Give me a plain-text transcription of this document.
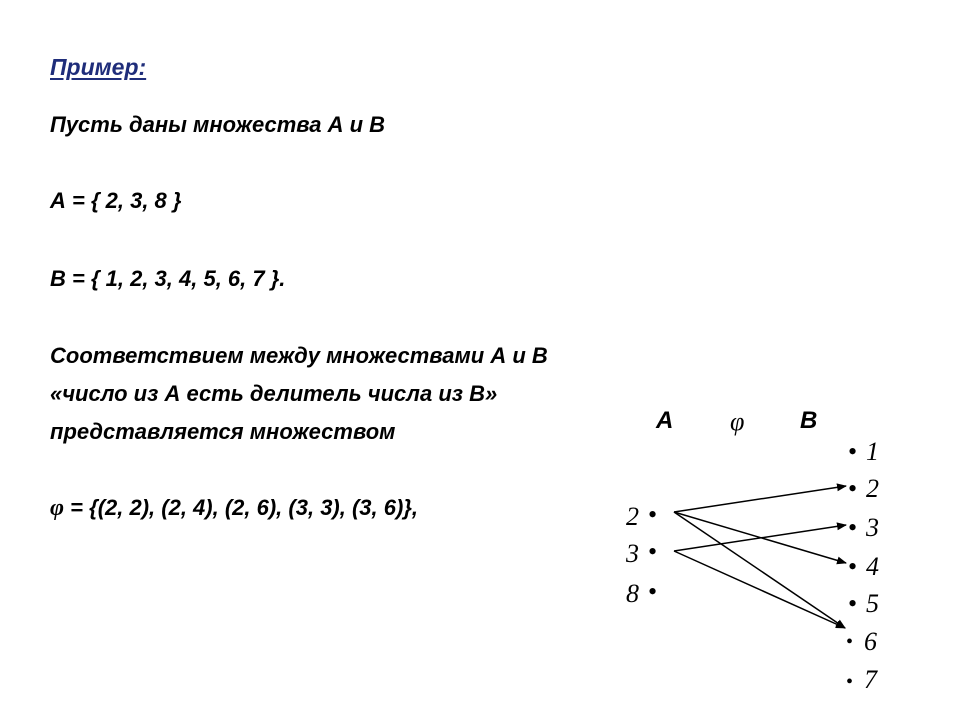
Пример:
Пусть даны множества А и В
А = { 2, 3, 8 }
В = { 1, 2, 3, 4, 5, 6, 7 }.
Соответствием между множествами А и В
«число из А есть делитель числа из В»
представляется множеством
φ = {(2, 2), (2, 4), (2, 6), (3, 3), (3, 6)},
A φ B
2
3
8
•
•
•
• 1
• 2
• 3
• 4
• 5
• 6
• 7
